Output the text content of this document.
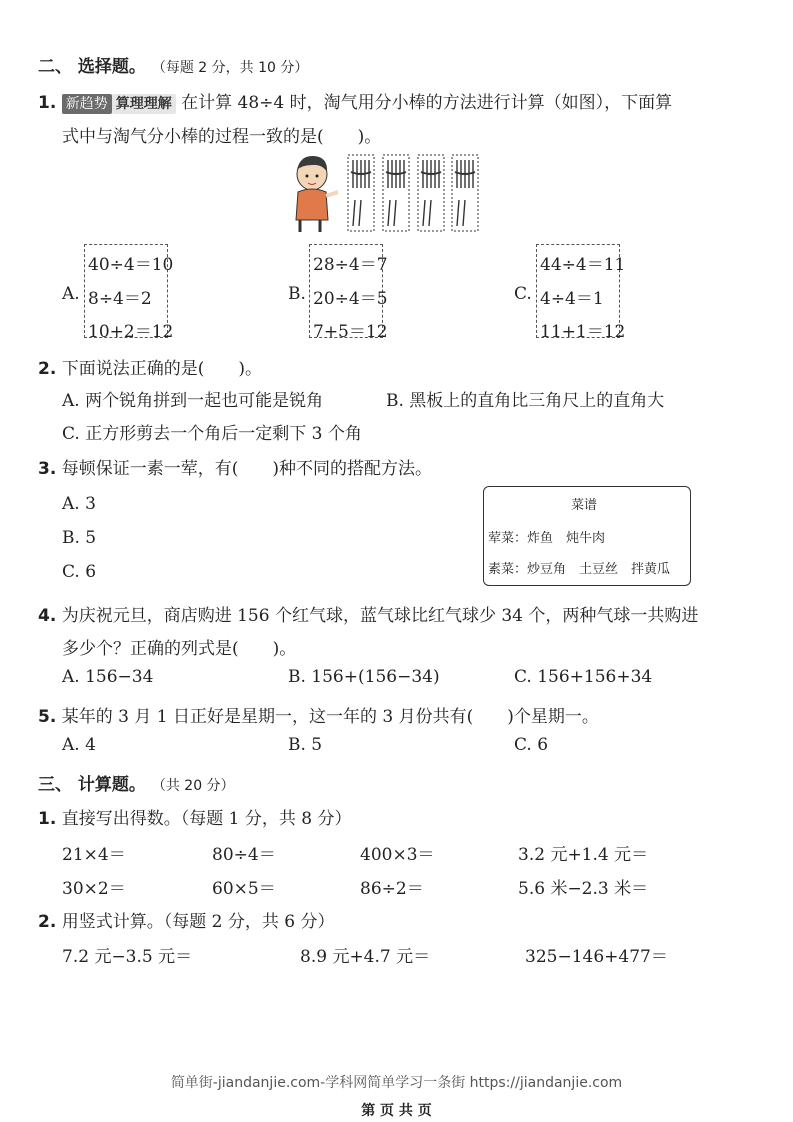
二、 选择题。 （每题 2 分，共 10 分）
1. 新趋势 算理理解 在计算 48÷4 时，淘气用分小棒的方法进行计算（如图），下面算
式中与淘气分小棒的过程一致的是(　　)。
A.
40÷4＝10
8÷4＝2
10+2＝12
B.
28÷4＝7
20÷4＝5
7+5＝12
C.
44÷4＝11
4÷4＝1
11+1＝12
2. 下面说法正确的是(　　)。
A. 两个锐角拼到一起也可能是锐角	B. 黑板上的直角比三角尺上的直角大
C. 正方形剪去一个角后一定剩下 3 个角
3. 每顿保证一素一荤，有(　　)种不同的搭配方法。
A. 3
B. 5
C. 6
菜谱
荤菜：炸鱼　炖牛肉
素菜：炒豆角　土豆丝　拌黄瓜
4. 为庆祝元旦，商店购进 156 个红气球，蓝气球比红气球少 34 个，两种气球一共购进
多少个？正确的列式是(　　)。
A. 156−34	B. 156+(156−34)	C. 156+156+34
5. 某年的 3 月 1 日正好是星期一，这一年的 3 月份共有(　　)个星期一。
A. 4	B. 5	C. 6
三、 计算题。 （共 20 分）
1. 直接写出得数。（每题 1 分，共 8 分）
21×4＝	80÷4＝	400×3＝	3.2 元+1.4 元＝
30×2＝	60×5＝	86÷2＝	5.6 米−2.3 米＝
2. 用竖式计算。（每题 2 分，共 6 分）
7.2 元−3.5 元＝	8.9 元+4.7 元＝	325−146+477＝
简单街-jiandanjie.com-学科网简单学习一条街 https://jiandanjie.com
第 页 共 页
